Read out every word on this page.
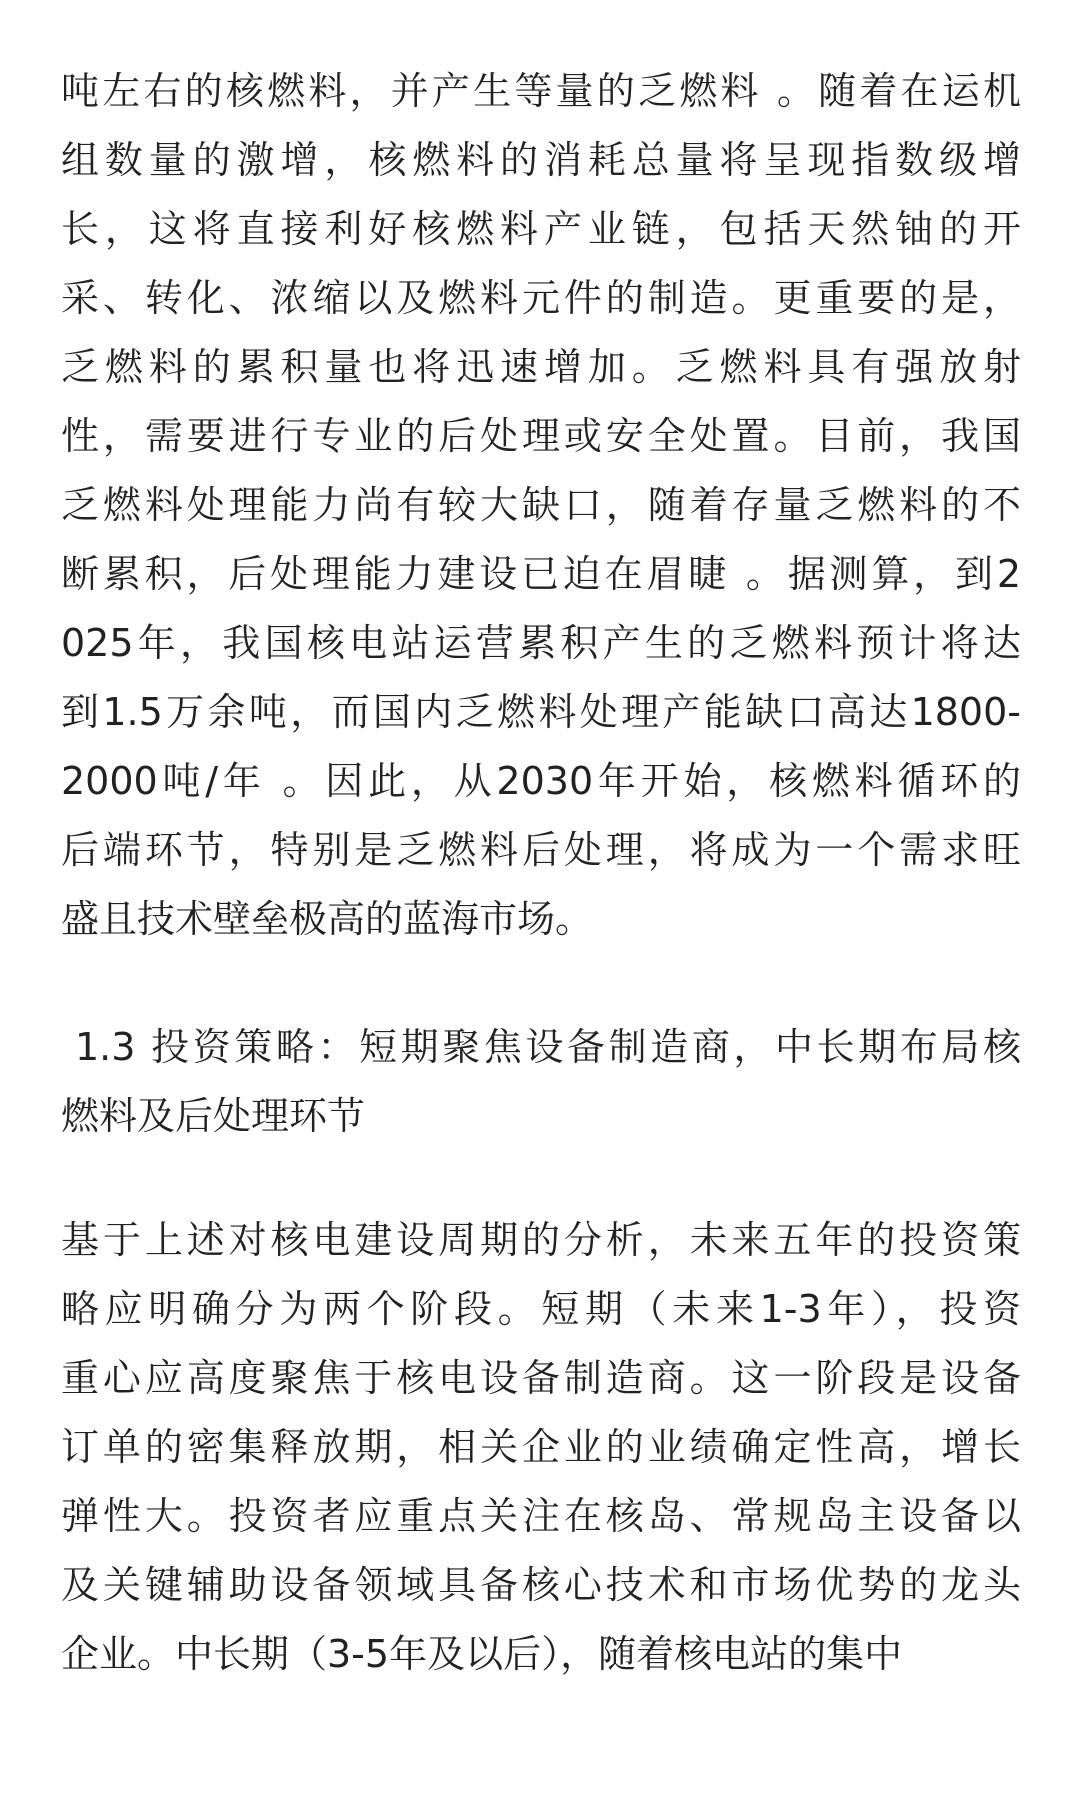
吨左右的核燃料，并产生等量的乏燃料 。随着在运机
组数量的激增，核燃料的消耗总量将呈现指数级增
长，这将直接利好核燃料产业链，包括天然铀的开
采、转化、浓缩以及燃料元件的制造。更重要的是，
乏燃料的累积量也将迅速增加。乏燃料具有强放射
性，需要进行专业的后处理或安全处置。目前，我国
乏燃料处理能力尚有较大缺口，随着存量乏燃料的不
断累积，后处理能力建设已迫在眉睫 。据测算，到2
025年，我国核电站运营累积产生的乏燃料预计将达
到1.5万余吨，而国内乏燃料处理产能缺口高达1800-
2000吨/年 。因此，从2030年开始，核燃料循环的
后端环节，特别是乏燃料后处理，将成为一个需求旺
盛且技术壁垒极高的蓝海市场。
1.3 投资策略：短期聚焦设备制造商，中长期布局核
燃料及后处理环节
基于上述对核电建设周期的分析，未来五年的投资策
略应明确分为两个阶段。短期（未来1-3年），投资
重心应高度聚焦于核电设备制造商。这一阶段是设备
订单的密集释放期，相关企业的业绩确定性高，增长
弹性大。投资者应重点关注在核岛、常规岛主设备以
及关键辅助设备领域具备核心技术和市场优势的龙头
企业。中长期（3-5年及以后），随着核电站的集中
